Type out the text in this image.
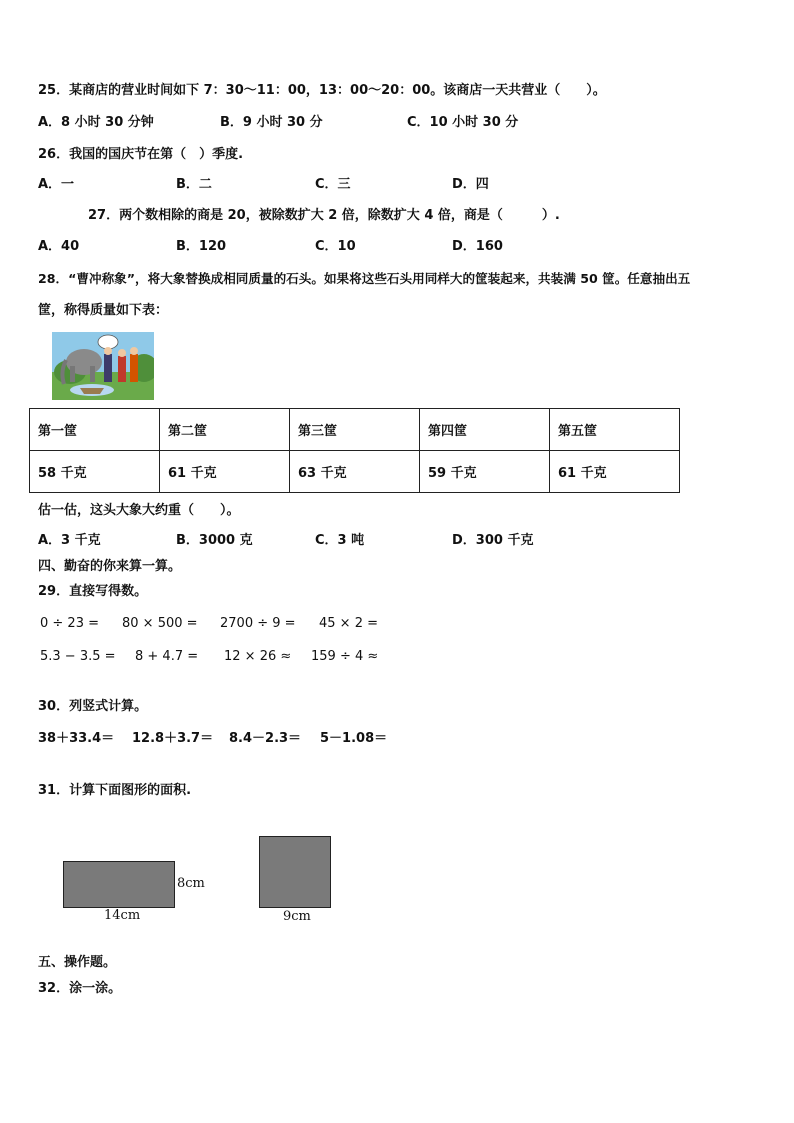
25．某商店的营业时间如下 7：30～11：00，13：00～20：00。该商店一天共营业（　　）。
A．8 小时 30 分钟	B．9 小时 30 分	C．10 小时 30 分
26．我国的国庆节在第（　）季度.
A．一	B．二	C．三	D．四
27．两个数相除的商是 20，被除数扩大 2 倍，除数扩大 4 倍，商是（　　　）.
A．40	B．120	C．10	D．160
28．“曹冲称象”，将大象替换成相同质量的石头。如果将这些石头用同样大的筐装起来，共装满 50 筐。任意抽出五
筐，称得质量如下表：
第一筐	第二筐	第三筐	第四筐	第五筐
58 千克	61 千克	63 千克	59 千克	61 千克
估一估，这头大象大约重（　　）。
A．3 千克	B．3000 克	C．3 吨	D．300 千克
四、勤奋的你来算一算。
29．直接写得数。
0 ÷ 23 = 80 × 500 = 2700 ÷ 9 = 45 × 2 =
5.3 − 3.5 = 8 + 4.7 = 12 × 26 ≈ 159 ÷ 4 ≈
30．列竖式计算。
38＋33.4＝ 12.8＋3.7＝ 8.4－2.3＝ 5－1.08＝
31．计算下面图形的面积.
8cm
14cm	9cm
五、操作题。
32．涂一涂。
